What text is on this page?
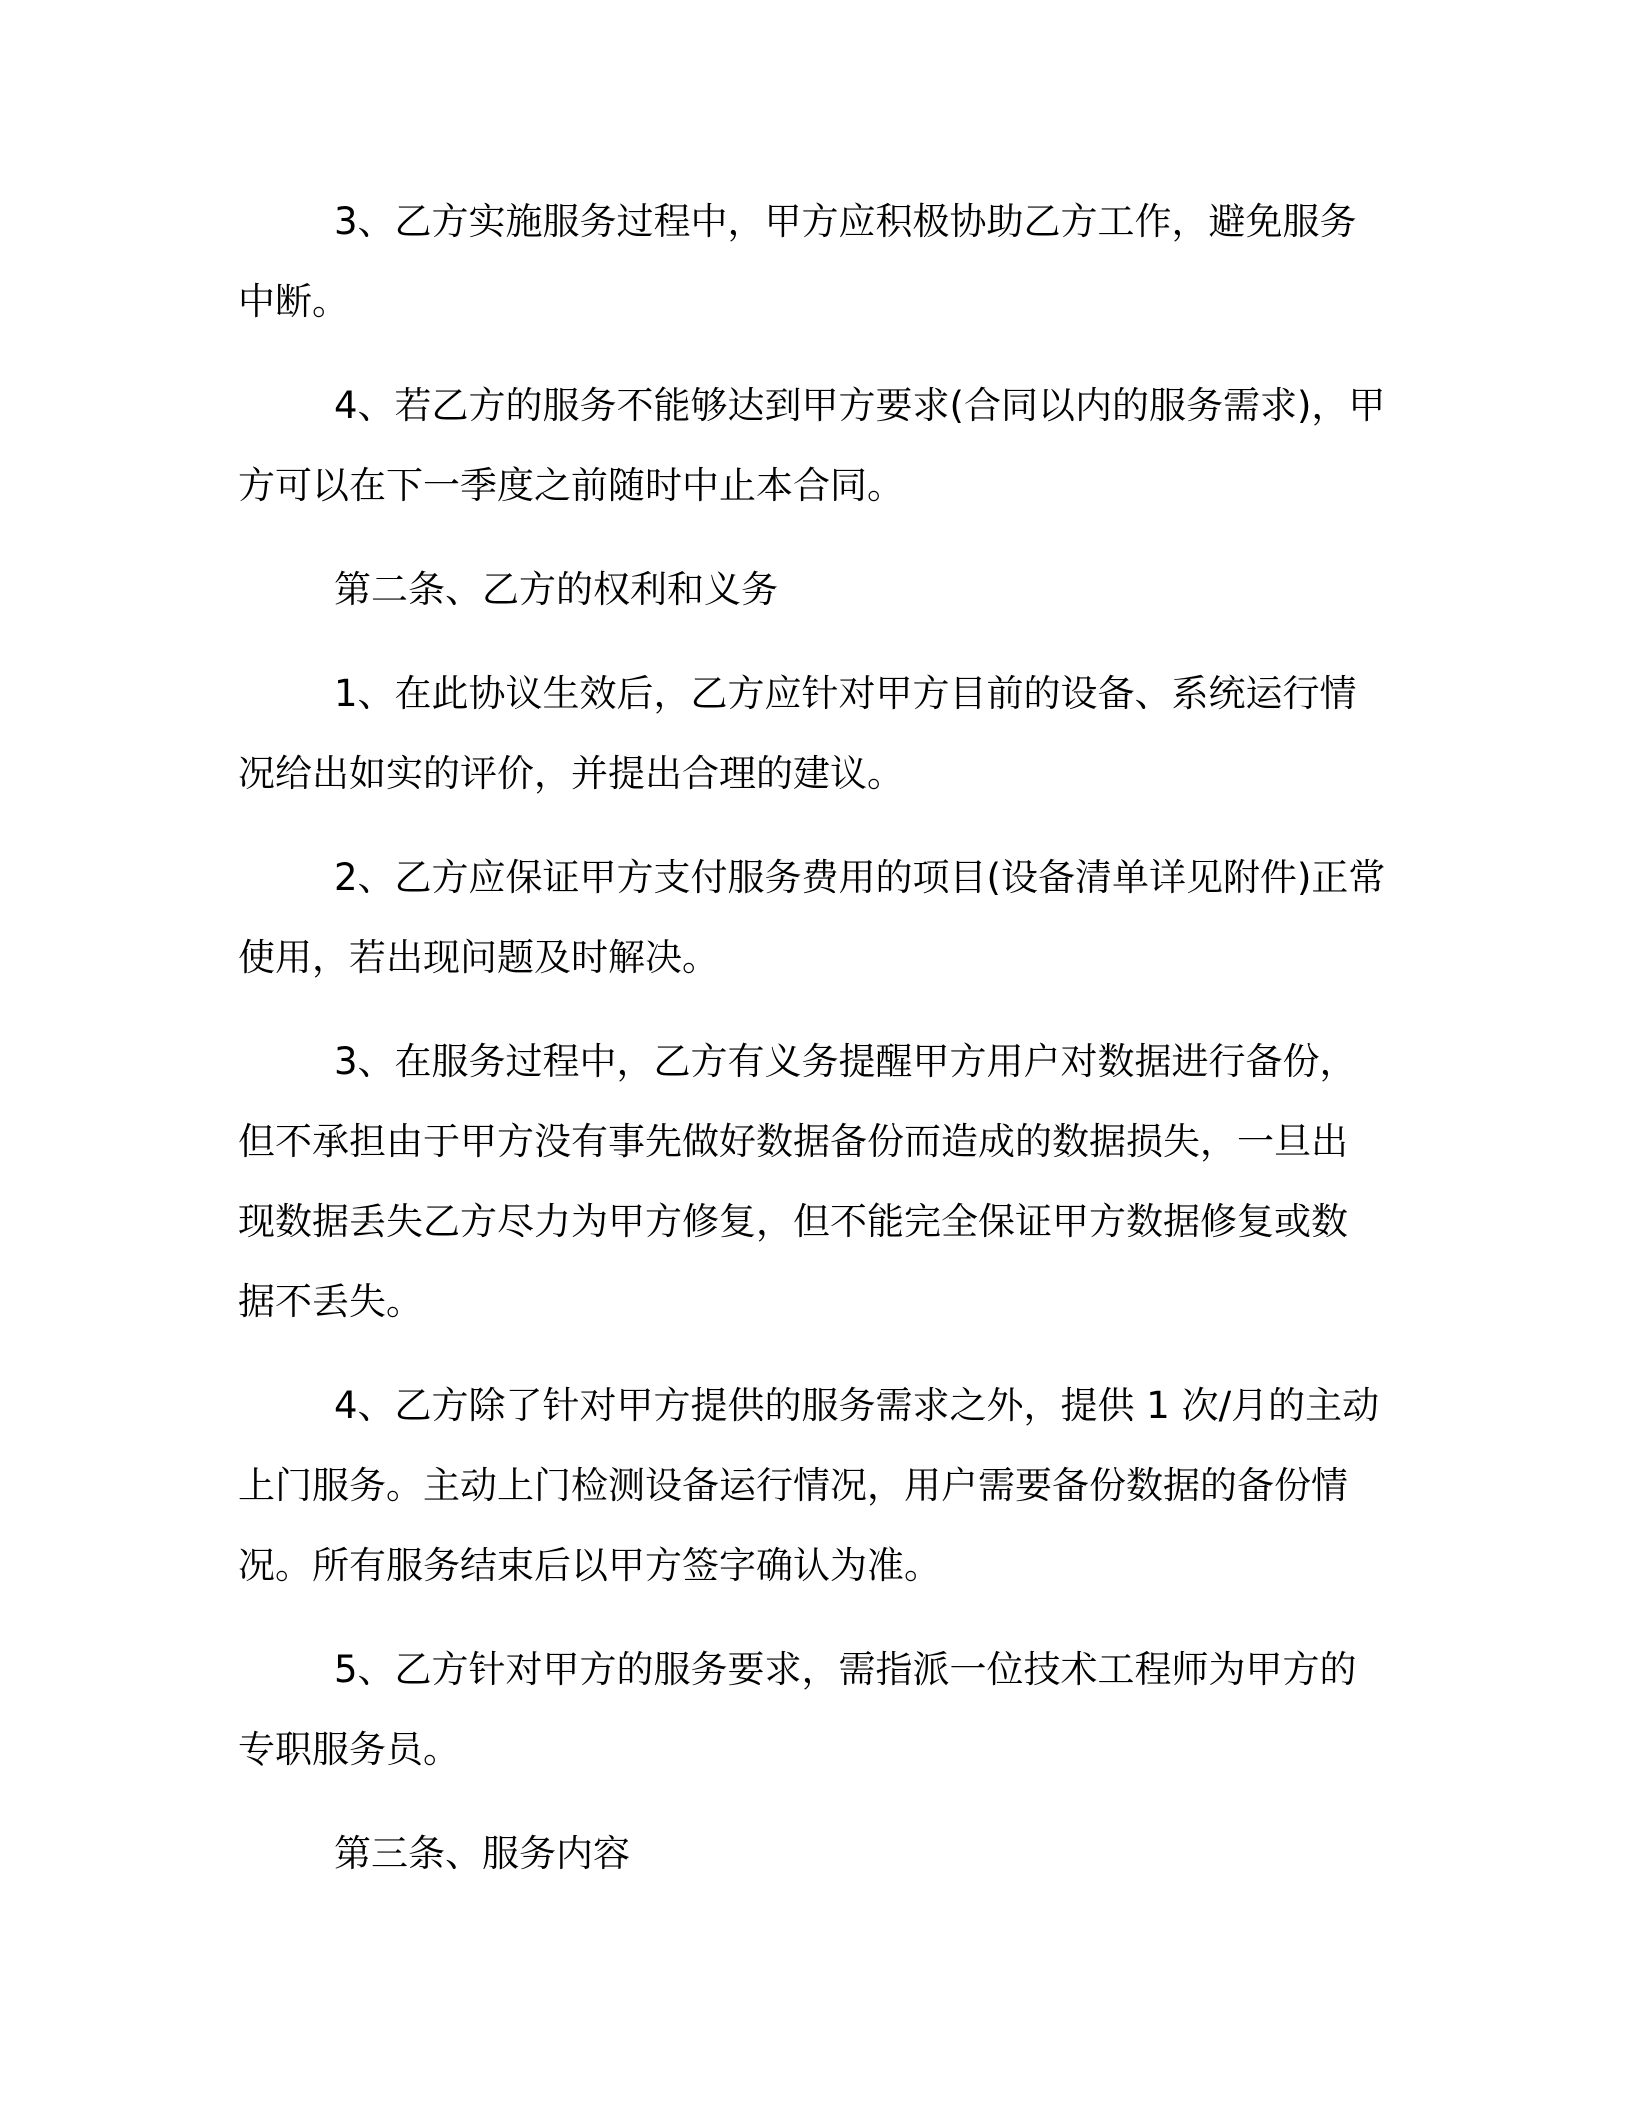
3、乙方实施服务过程中，甲方应积极协助乙方工作，避免服务
中断。
4、若乙方的服务不能够达到甲方要求(合同以内的服务需求)，甲
方可以在下一季度之前随时中止本合同。
第二条、乙方的权利和义务
1、在此协议生效后，乙方应针对甲方目前的设备、系统运行情
况给出如实的评价，并提出合理的建议。
2、乙方应保证甲方支付服务费用的项目(设备清单详见附件)正常
使用，若出现问题及时解决。
3、在服务过程中，乙方有义务提醒甲方用户对数据进行备份，
但不承担由于甲方没有事先做好数据备份而造成的数据损失，一旦出
现数据丢失乙方尽力为甲方修复，但不能完全保证甲方数据修复或数
据不丢失。
4、乙方除了针对甲方提供的服务需求之外，提供 1 次/月的主动
上门服务。主动上门检测设备运行情况，用户需要备份数据的备份情
况。所有服务结束后以甲方签字确认为准。
5、乙方针对甲方的服务要求，需指派一位技术工程师为甲方的
专职服务员。
第三条、服务内容
